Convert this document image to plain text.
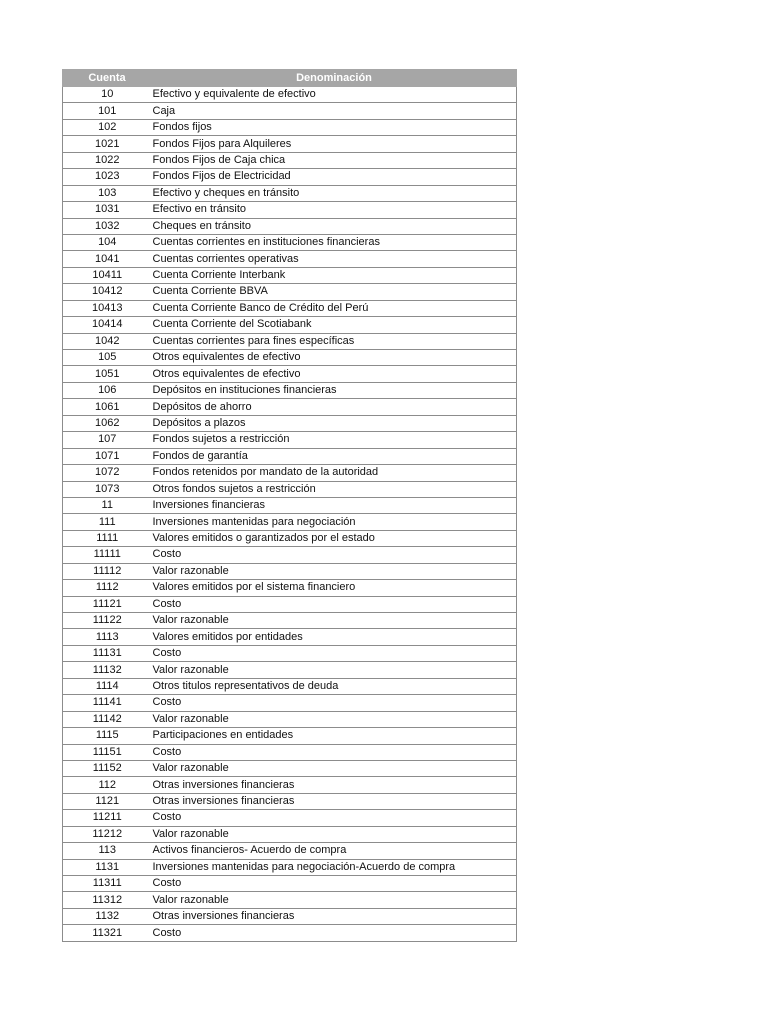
Cuenta	Denominación
10	Efectivo y equivalente de efectivo
101	Caja
102	Fondos fijos
1021	Fondos Fijos para Alquileres
1022	Fondos Fijos de Caja chica
1023	Fondos Fijos de Electricidad
103	Efectivo y cheques en tránsito
1031	Efectivo en tránsito
1032	Cheques en tránsito
104	Cuentas corrientes en instituciones financieras
1041	Cuentas corrientes operativas
10411	Cuenta Corriente Interbank
10412	Cuenta Corriente BBVA
10413	Cuenta Corriente Banco de Crédito del Perú
10414	Cuenta Corriente del Scotiabank
1042	Cuentas corrientes para fines específicas
105	Otros equivalentes de efectivo
1051	Otros equivalentes de efectivo
106	Depósitos en instituciones financieras
1061	Depósitos de ahorro
1062	Depósitos a plazos
107	Fondos sujetos a restricción
1071	Fondos de garantía
1072	Fondos retenidos por mandato de la autoridad
1073	Otros fondos sujetos a restricción
11	Inversiones financieras
111	Inversiones mantenidas para negociación
1111	Valores emitidos o garantizados por el estado
11111	Costo
11112	Valor razonable
1112	Valores emitidos por el sistema financiero
11121	Costo
11122	Valor razonable
1113	Valores emitidos por entidades
11131	Costo
11132	Valor razonable
1114	Otros titulos representativos de deuda
11141	Costo
11142	Valor razonable
1115	Participaciones en entidades
11151	Costo
11152	Valor razonable
112	Otras inversiones financieras
1121	Otras inversiones financieras
11211	Costo
11212	Valor razonable
113	Activos financieros- Acuerdo de compra
1131	Inversiones mantenidas para negociación-Acuerdo de compra
11311	Costo
11312	Valor razonable
1132	Otras inversiones financieras
11321	Costo
